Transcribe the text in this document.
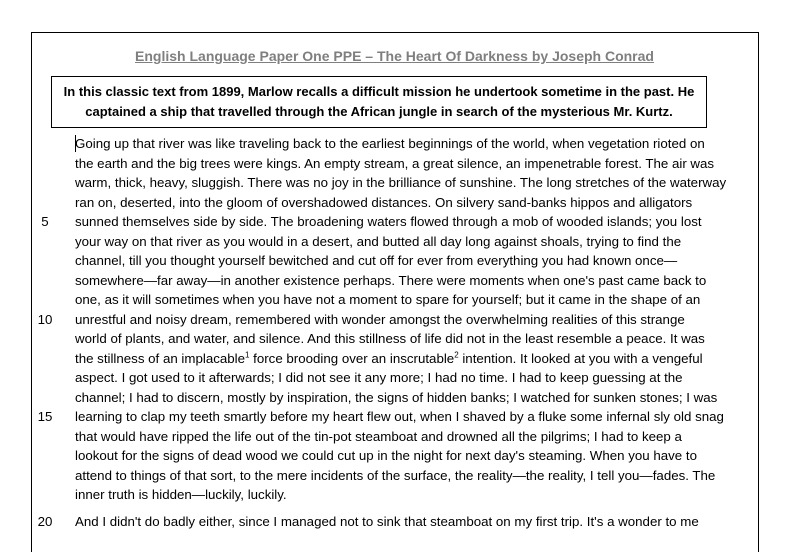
English Language Paper One PPE – The Heart Of Darkness by Joseph Conrad
In this classic text from 1899, Marlow recalls a difficult mission he undertook sometime in the past. He
captained a ship that travelled through the African jungle in search of the mysterious Mr. Kurtz.
Going up that river was like traveling back to the earliest beginnings of the world, when vegetation rioted on
the earth and the big trees were kings. An empty stream, a great silence, an impenetrable forest. The air was
warm, thick, heavy, sluggish. There was no joy in the brilliance of sunshine. The long stretches of the waterway
ran on, deserted, into the gloom of overshadowed distances. On silvery sand-banks hippos and alligators
sunned themselves side by side. The broadening waters flowed through a mob of wooded islands; you lost
your way on that river as you would in a desert, and butted all day long against shoals, trying to find the
channel, till you thought yourself bewitched and cut off for ever from everything you had known once—
somewhere—far away—in another existence perhaps. There were moments when one's past came back to
one, as it will sometimes when you have not a moment to spare for yourself; but it came in the shape of an
unrestful and noisy dream, remembered with wonder amongst the overwhelming realities of this strange
world of plants, and water, and silence. And this stillness of life did not in the least resemble a peace. It was
the stillness of an implacable$^1$ force brooding over an inscrutable$^2$ intention. It looked at you with a vengeful
aspect. I got used to it afterwards; I did not see it any more; I had no time. I had to keep guessing at the
channel; I had to discern, mostly by inspiration, the signs of hidden banks; I watched for sunken stones; I was
learning to clap my teeth smartly before my heart flew out, when I shaved by a fluke some infernal sly old snag
that would have ripped the life out of the tin-pot steamboat and drowned all the pilgrims; I had to keep a
lookout for the signs of dead wood we could cut up in the night for next day's steaming. When you have to
attend to things of that sort, to the mere incidents of the surface, the reality—the reality, I tell you—fades. The
inner truth is hidden—luckily, luckily.
And I didn't do badly either, since I managed not to sink that steamboat on my first trip. It's a wonder to me
5
10
15
20
